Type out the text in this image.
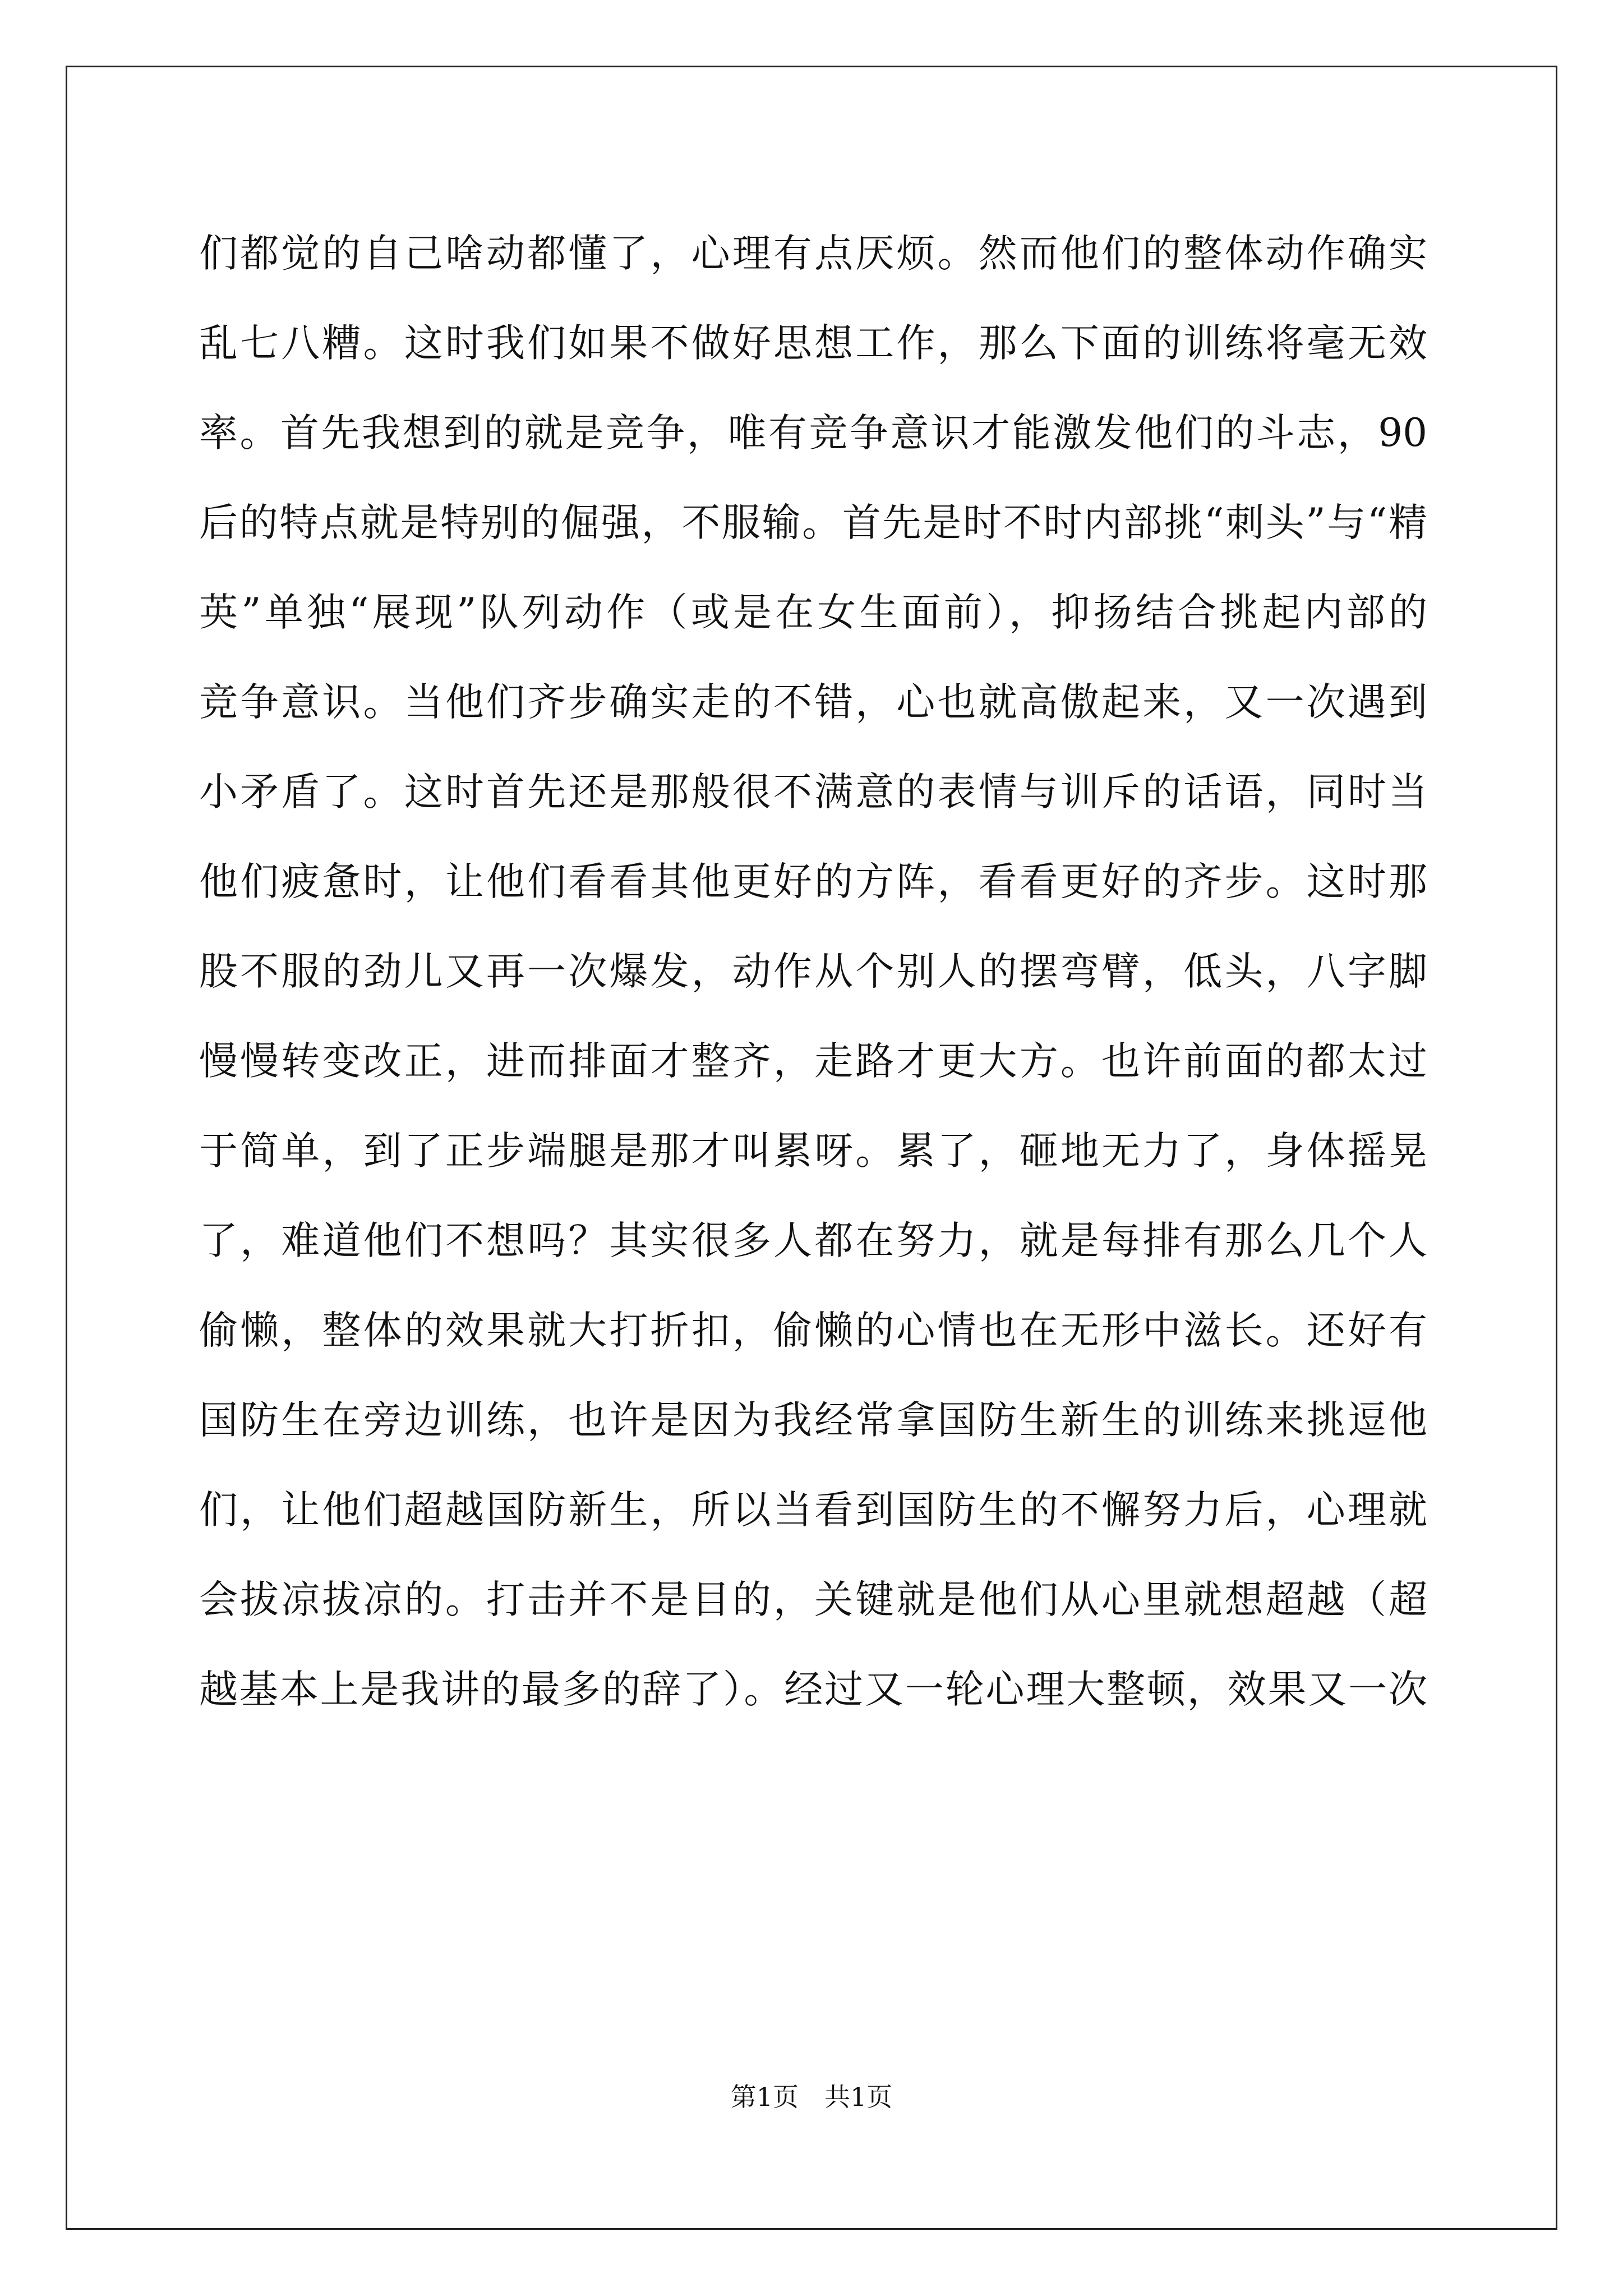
们都觉的自己啥动都懂了，心理有点厌烦。然而他们的整体动作确实
乱七八糟。这时我们如果不做好思想工作，那么下面的训练将毫无效
率。首先我想到的就是竞争，唯有竞争意识才能激发他们的斗志，90
后的特点就是特别的倔强，不服输。首先是时不时内部挑“刺头”与“精
英”单独“展现”队列动作（或是在女生面前），抑扬结合挑起内部的
竞争意识。当他们齐步确实走的不错，心也就高傲起来，又一次遇到
小矛盾了。这时首先还是那般很不满意的表情与训斥的话语，同时当
他们疲惫时，让他们看看其他更好的方阵，看看更好的齐步。这时那
股不服的劲儿又再一次爆发，动作从个别人的摆弯臂，低头，八字脚
慢慢转变改正，进而排面才整齐，走路才更大方。也许前面的都太过
于简单，到了正步端腿是那才叫累呀。累了，砸地无力了，身体摇晃
了，难道他们不想吗？其实很多人都在努力，就是每排有那么几个人
偷懒，整体的效果就大打折扣，偷懒的心情也在无形中滋长。还好有
国防生在旁边训练，也许是因为我经常拿国防生新生的训练来挑逗他
们，让他们超越国防新生，所以当看到国防生的不懈努力后，心理就
会拔凉拔凉的。打击并不是目的，关键就是他们从心里就想超越（超
越基本上是我讲的最多的辞了）。经过又一轮心理大整顿，效果又一次
第1页 共1页
